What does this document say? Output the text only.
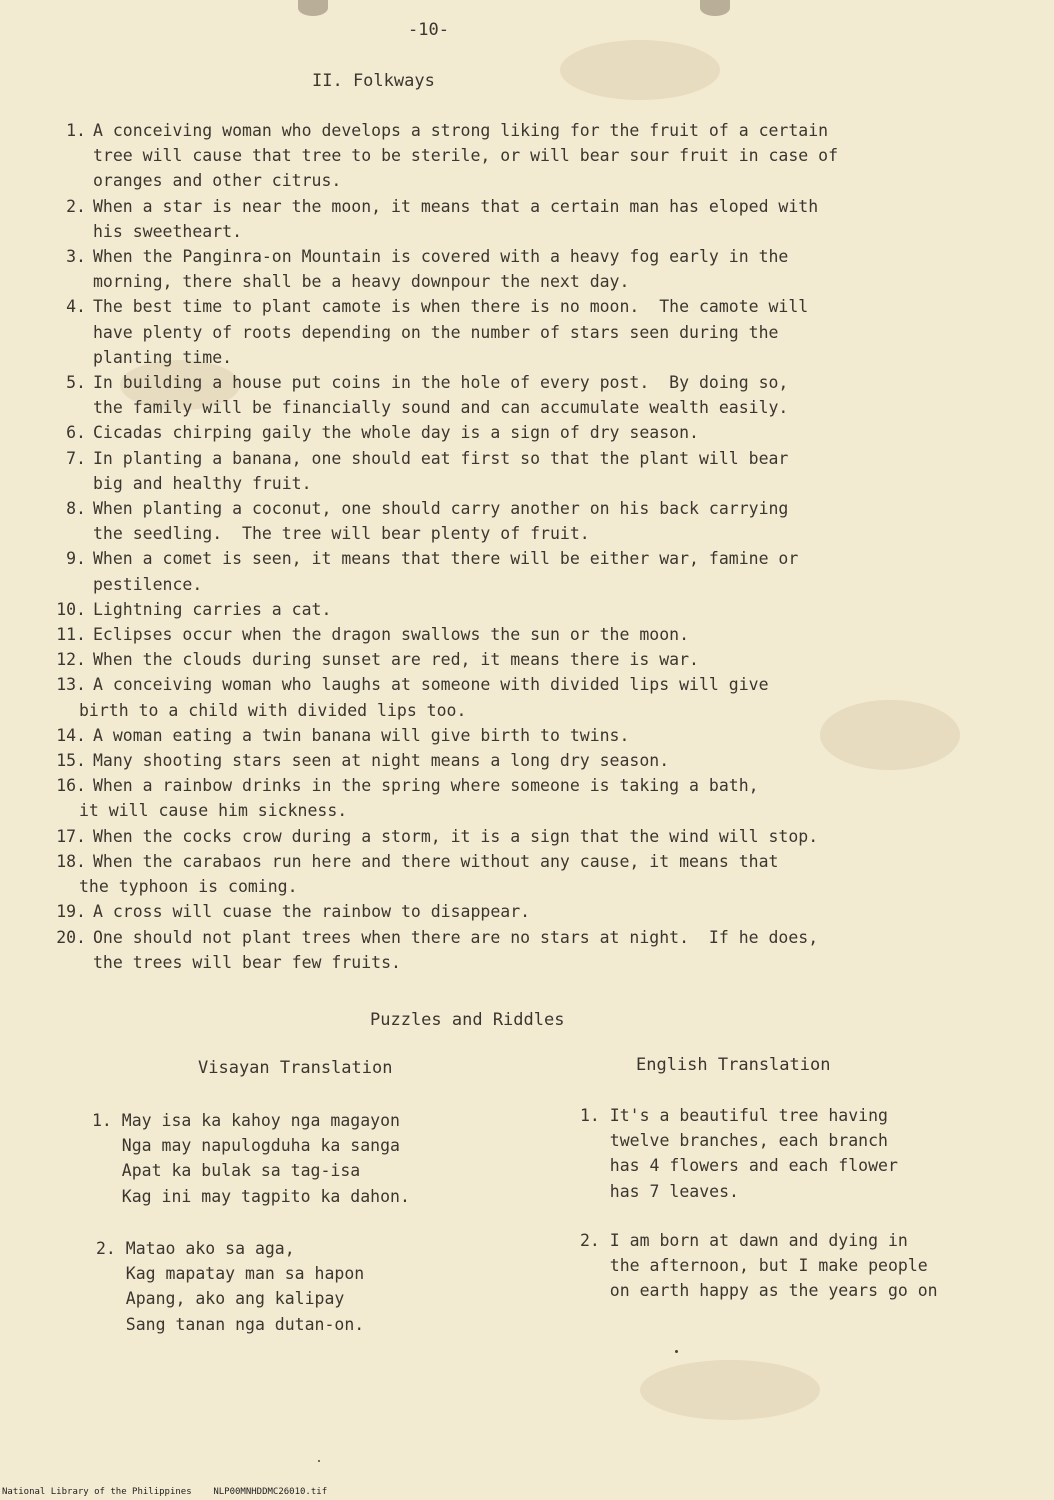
-10-
II. Folkways
1. A conceiving woman who develops a strong liking for the fruit of a certain
tree will cause that tree to be sterile, or will bear sour fruit in case of
oranges and other citrus.
2. When a star is near the moon, it means that a certain man has eloped with
his sweetheart.
3. When the Panginra-on Mountain is covered with a heavy fog early in the
morning, there shall be a heavy downpour the next day.
4. The best time to plant camote is when there is no moon.  The camote will
have plenty of roots depending on the number of stars seen during the
planting time.
5. In building a house put coins in the hole of every post.  By doing so,
the family will be financially sound and can accumulate wealth easily.
6. Cicadas chirping gaily the whole day is a sign of dry season.
7. In planting a banana, one should eat first so that the plant will bear
big and healthy fruit.
8. When planting a coconut, one should carry another on his back carrying
the seedling.  The tree will bear plenty of fruit.
9. When a comet is seen, it means that there will be either war, famine or
pestilence.
10. Lightning carries a cat.
11. Eclipses occur when the dragon swallows the sun or the moon.
12. When the clouds during sunset are red, it means there is war.
13. A conceiving woman who laughs at someone with divided lips will give
birth to a child with divided lips too.
14. A woman eating a twin banana will give birth to twins.
15. Many shooting stars seen at night means a long dry season.
16. When a rainbow drinks in the spring where someone is taking a bath,
it will cause him sickness.
17. When the cocks crow during a storm, it is a sign that the wind will stop.
18. When the carabaos run here and there without any cause, it means that
the typhoon is coming.
19. A cross will cuase the rainbow to disappear.
20. One should not plant trees when there are no stars at night.  If he does,
the trees will bear few fruits.
Puzzles and Riddles
Visayan Translation	English Translation
1. May isa ka kahoy nga magayon
Nga may napulogduha ka sanga
Apat ka bulak sa tag-isa
Kag ini may tagpito ka dahon.
1. It's a beautiful tree having
twelve branches, each branch
has 4 flowers and each flower
has 7 leaves.
2. Matao ako sa aga,
Kag mapatay man sa hapon
Apang, ako ang kalipay
Sang tanan nga dutan-on.
2. I am born at dawn and dying in
the afternoon, but I make people
on earth happy as the years go on
National Library of the Philippines    NLP00MNHDDMC26010.tif
